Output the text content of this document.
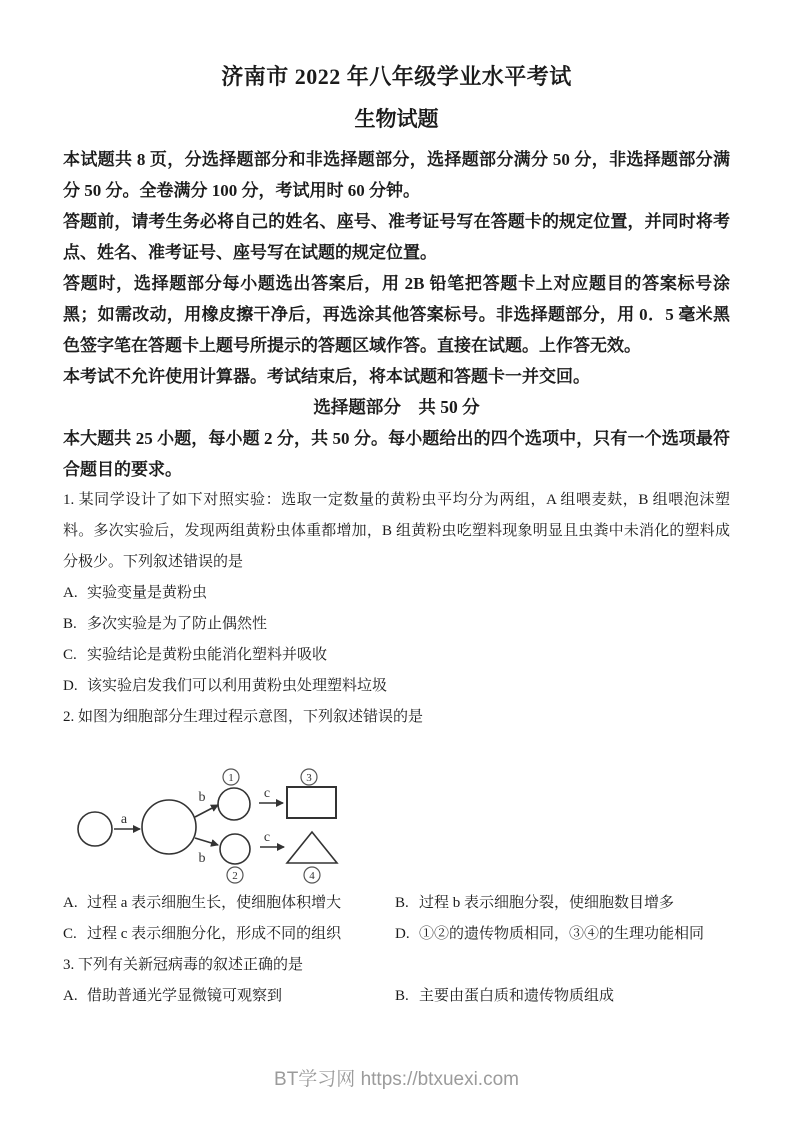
济南市 2022 年八年级学业水平考试
生物试题

本试题共 8 页，分选择题部分和非选择题部分，选择题部分满分 50 分，非选择题部分满分 50 分。全卷满分 100 分，考试用时 60 分钟。

答题前，请考生务必将自己的姓名、座号、准考证号写在答题卡的规定位置，并同时将考点、姓名、准考证号、座号写在试题的规定位置。

答题时，选择题部分每小题选出答案后，用 2B 铅笔把答题卡上对应题目的答案标号涂黑；如需改动，用橡皮擦干净后，再选涂其他答案标号。非选择题部分，用 0．5 毫米黑色签字笔在答题卡上题号所提示的答题区域作答。直接在试题。上作答无效。

本考试不允许使用计算器。考试结束后，将本试题和答题卡一并交回。

选择题部分　共 50 分

本大题共 25 小题，每小题 2 分，共 50 分。每小题给出的四个选项中，只有一个选项最符合题目的要求。

1. 某同学设计了如下对照实验：选取一定数量的黄粉虫平均分为两组，A 组喂麦麸，B 组喂泡沫塑料。多次实验后，发现两组黄粉虫体重都增加，B 组黄粉虫吃塑料现象明显且虫粪中未消化的塑料成分极少。下列叙述错误的是

A. 实验变量是黄粉虫
B. 多次实验是为了防止偶然性
C. 实验结论是黄粉虫能消化塑料并吸收
D. 该实验启发我们可以利用黄粉虫处理塑料垃圾

2. 如图为细胞部分生理过程示意图，下列叙述错误的是

a
b
b
1
2
c
c
3
4
A. 过程 a 表示细胞生长，使细胞体积增大	B. 过程 b 表示细胞分裂，使细胞数目增多
C. 过程 c 表示细胞分化，形成不同的组织	D. ①②的遗传物质相同，③④的生理功能相同

3. 下列有关新冠病毒的叙述正确的是

A. 借助普通光学显微镜可观察到	B. 主要由蛋白质和遗传物质组成
BT学习网 https://btxuexi.com
